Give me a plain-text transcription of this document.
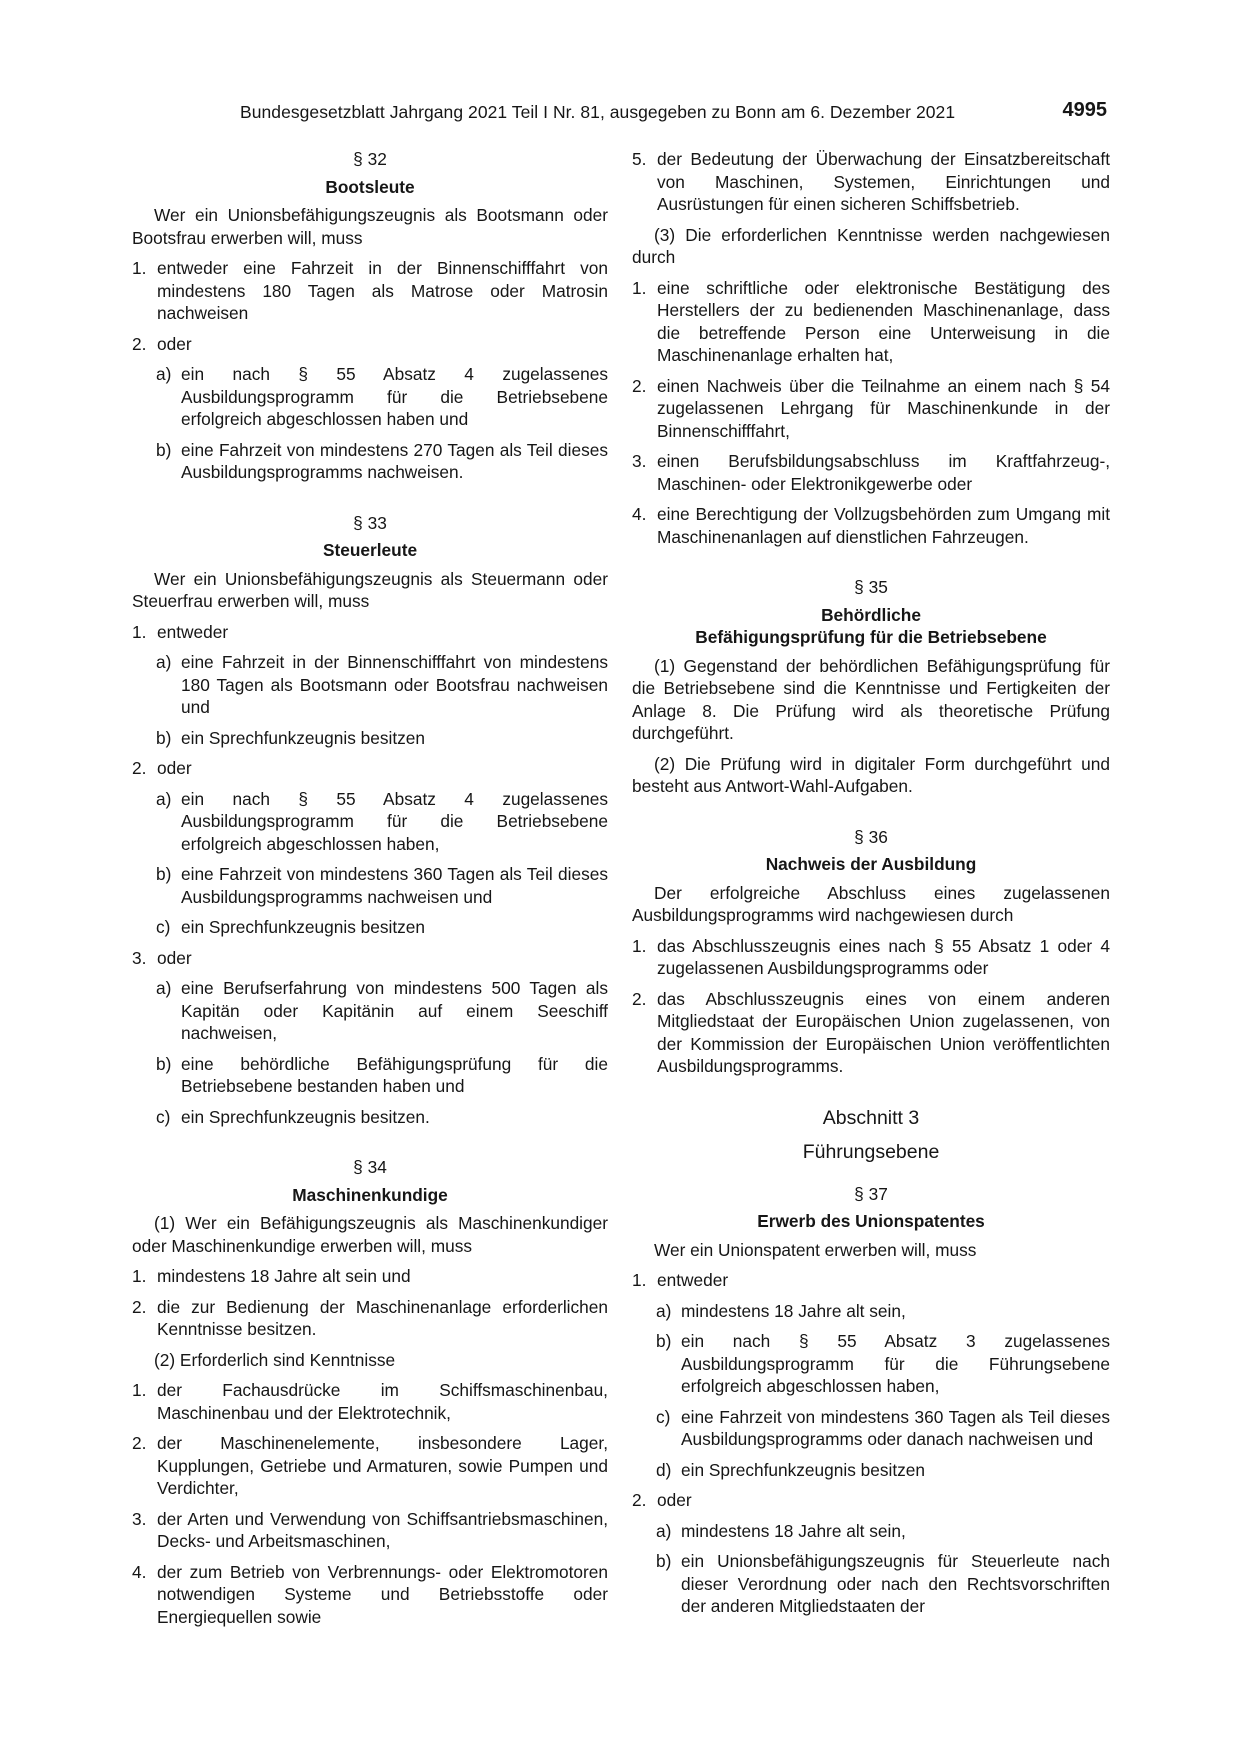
Bundesgesetzblatt Jahrgang 2021 Teil I Nr. 81, ausgegeben zu Bonn am 6. Dezember 2021	4995
§ 32
Bootsleute
Wer ein Unionsbefähigungszeugnis als Bootsmann oder Bootsfrau erwerben will, muss
1. entweder eine Fahrzeit in der Binnenschifffahrt von mindestens 180 Tagen als Matrose oder Matrosin nachweisen
2. oder
a) ein nach § 55 Absatz 4 zugelassenes Ausbildungsprogramm für die Betriebsebene erfolgreich abgeschlossen haben und
b) eine Fahrzeit von mindestens 270 Tagen als Teil dieses Ausbildungsprogramms nachweisen.
§ 33
Steuerleute
Wer ein Unionsbefähigungszeugnis als Steuermann oder Steuerfrau erwerben will, muss
1. entweder
a) eine Fahrzeit in der Binnenschifffahrt von mindestens 180 Tagen als Bootsmann oder Bootsfrau nachweisen und
b) ein Sprechfunkzeugnis besitzen
2. oder
a) ein nach § 55 Absatz 4 zugelassenes Ausbildungsprogramm für die Betriebsebene erfolgreich abgeschlossen haben,
b) eine Fahrzeit von mindestens 360 Tagen als Teil dieses Ausbildungsprogramms nachweisen und
c) ein Sprechfunkzeugnis besitzen
3. oder
a) eine Berufserfahrung von mindestens 500 Tagen als Kapitän oder Kapitänin auf einem Seeschiff nachweisen,
b) eine behördliche Befähigungsprüfung für die Betriebsebene bestanden haben und
c) ein Sprechfunkzeugnis besitzen.
§ 34
Maschinenkundige
(1) Wer ein Befähigungszeugnis als Maschinenkundiger oder Maschinenkundige erwerben will, muss
1. mindestens 18 Jahre alt sein und
2. die zur Bedienung der Maschinenanlage erforderlichen Kenntnisse besitzen.
(2) Erforderlich sind Kenntnisse
1. der Fachausdrücke im Schiffsmaschinenbau, Maschinenbau und der Elektrotechnik,
2. der Maschinenelemente, insbesondere Lager, Kupplungen, Getriebe und Armaturen, sowie Pumpen und Verdichter,
3. der Arten und Verwendung von Schiffsantriebsmaschinen, Decks- und Arbeitsmaschinen,
4. der zum Betrieb von Verbrennungs- oder Elektromotoren notwendigen Systeme und Betriebsstoffe oder Energiequellen sowie
5. der Bedeutung der Überwachung der Einsatzbereitschaft von Maschinen, Systemen, Einrichtungen und Ausrüstungen für einen sicheren Schiffsbetrieb.
(3) Die erforderlichen Kenntnisse werden nachgewiesen durch
1. eine schriftliche oder elektronische Bestätigung des Herstellers der zu bedienenden Maschinenanlage, dass die betreffende Person eine Unterweisung in die Maschinenanlage erhalten hat,
2. einen Nachweis über die Teilnahme an einem nach § 54 zugelassenen Lehrgang für Maschinenkunde in der Binnenschifffahrt,
3. einen Berufsbildungsabschluss im Kraftfahrzeug-, Maschinen- oder Elektronikgewerbe oder
4. eine Berechtigung der Vollzugsbehörden zum Umgang mit Maschinenanlagen auf dienstlichen Fahrzeugen.
§ 35
Behördliche
Befähigungsprüfung für die Betriebsebene
(1) Gegenstand der behördlichen Befähigungsprüfung für die Betriebsebene sind die Kenntnisse und Fertigkeiten der Anlage 8. Die Prüfung wird als theoretische Prüfung durchgeführt.
(2) Die Prüfung wird in digitaler Form durchgeführt und besteht aus Antwort-Wahl-Aufgaben.
§ 36
Nachweis der Ausbildung
Der erfolgreiche Abschluss eines zugelassenen Ausbildungsprogramms wird nachgewiesen durch
1. das Abschlusszeugnis eines nach § 55 Absatz 1 oder 4 zugelassenen Ausbildungsprogramms oder
2. das Abschlusszeugnis eines von einem anderen Mitgliedstaat der Europäischen Union zugelassenen, von der Kommission der Europäischen Union veröffentlichten Ausbildungsprogramms.
Abschnitt 3
Führungsebene
§ 37
Erwerb des Unionspatentes
Wer ein Unionspatent erwerben will, muss
1. entweder
a) mindestens 18 Jahre alt sein,
b) ein nach § 55 Absatz 3 zugelassenes Ausbildungsprogramm für die Führungsebene erfolgreich abgeschlossen haben,
c) eine Fahrzeit von mindestens 360 Tagen als Teil dieses Ausbildungsprogramms oder danach nachweisen und
d) ein Sprechfunkzeugnis besitzen
2. oder
a) mindestens 18 Jahre alt sein,
b) ein Unionsbefähigungszeugnis für Steuerleute nach dieser Verordnung oder nach den Rechtsvorschriften der anderen Mitgliedstaaten der
